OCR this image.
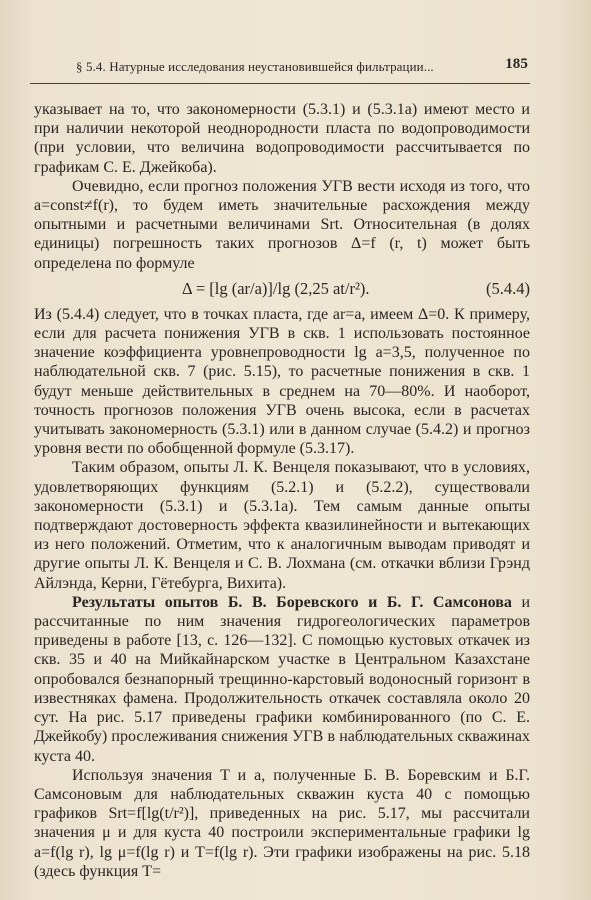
§ 5.4. Натурные исследования неустановившейся фильтрации...	185

указывает на то, что закономерности (5.3.1) и (5.3.1а) имеют место и при наличии некоторой неоднородности пласта по водопроводимости (при условии, что величина водопроводимости рассчитывается по графикам С. Е. Джейкоба).

Очевидно, если прогноз положения УГВ вести исходя из того, что a=const≠f(r), то будем иметь значительные расхождения между опытными и расчетными величинами Srt. Относительная (в долях единицы) погрешность таких прогнозов Δ=f (r, t) может быть определена по формуле

Δ = [lg (ar/a)]/lg (2,25 at/r²).	(5.4.4)

Из (5.4.4) следует, что в точках пласта, где ar=a, имеем Δ=0. К примеру, если для расчета понижения УГВ в скв. 1 использовать постоянное значение коэффициента уровнепроводности lg a=3,5, полученное по наблюдательной скв. 7 (рис. 5.15), то расчетные понижения в скв. 1 будут меньше действительных в среднем на 70—80%. И наоборот, точность прогнозов положения УГВ очень высока, если в расчетах учитывать закономерность (5.3.1) или в данном случае (5.4.2) и прогноз уровня вести по обобщенной формуле (5.3.17).

Таким образом, опыты Л. К. Венцеля показывают, что в условиях, удовлетворяющих функциям (5.2.1) и (5.2.2), существовали закономерности (5.3.1) и (5.3.1а). Тем самым данные опыты подтверждают достоверность эффекта квазилинейности и вытекающих из него положений. Отметим, что к аналогичным выводам приводят и другие опыты Л. К. Венцеля и С. В. Лохмана (см. откачки вблизи Грэнд Айлэнда, Керни, Гётебурга, Вихита).

Результаты опытов Б. В. Боревского и Б. Г. Самсонова и рассчитанные по ним значения гидрогеологических параметров приведены в работе [13, с. 126—132]. С помощью кустовых откачек из скв. 35 и 40 на Мийкайнарском участке в Центральном Казахстане опробовался безнапорный трещинно-карстовый водоносный горизонт в известняках фамена. Продолжительность откачек составляла около 20 сут. На рис. 5.17 приведены графики комбинированного (по С. Е. Джейкобу) прослеживания снижения УГВ в наблюдательных скважинах куста 40.

Используя значения T и a, полученные Б. В. Боревским и Б.Г. Самсоновым для наблюдательных скважин куста 40 с помощью графиков Srt=f[lg(t/r²)], приведенных на рис. 5.17, мы рассчитали значения μ и для куста 40 построили экспериментальные графики lg a=f(lg r), lg μ=f(lg r) и T=f(lg r). Эти графики изображены на рис. 5.18 (здесь функция T=
